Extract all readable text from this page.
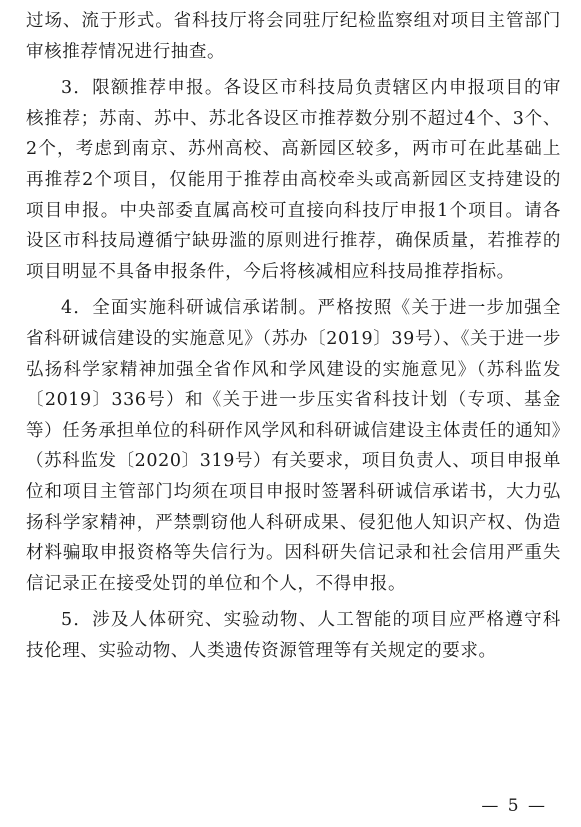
过场、流于形式。省科技厅将会同驻厅纪检监察组对项目主管部门审核推荐情况进行抽查。

3．限额推荐申报。各设区市科技局负责辖区内申报项目的审核推荐；苏南、苏中、苏北各设区市推荐数分别不超过4个、3个、2个，考虑到南京、苏州高校、高新园区较多，两市可在此基础上再推荐2个项目，仅能用于推荐由高校牵头或高新园区支持建设的项目申报。中央部委直属高校可直接向科技厅申报1个项目。请各设区市科技局遵循宁缺毋滥的原则进行推荐，确保质量，若推荐的项目明显不具备申报条件，今后将核减相应科技局推荐指标。

4．全面实施科研诚信承诺制。严格按照《关于进一步加强全省科研诚信建设的实施意见》（苏办〔2019〕39号）、《关于进一步弘扬科学家精神加强全省作风和学风建设的实施意见》（苏科监发〔2019〕336号）和《关于进一步压实省科技计划（专项、基金等）任务承担单位的科研作风学风和科研诚信建设主体责任的通知》（苏科监发〔2020〕319号）有关要求，项目负责人、项目申报单位和项目主管部门均须在项目申报时签署科研诚信承诺书，大力弘扬科学家精神，严禁剽窃他人科研成果、侵犯他人知识产权、伪造材料骗取申报资格等失信行为。因科研失信记录和社会信用严重失信记录正在接受处罚的单位和个人，不得申报。

5．涉及人体研究、实验动物、人工智能的项目应严格遵守科技伦理、实验动物、人类遗传资源管理等有关规定的要求。

— 5 —
